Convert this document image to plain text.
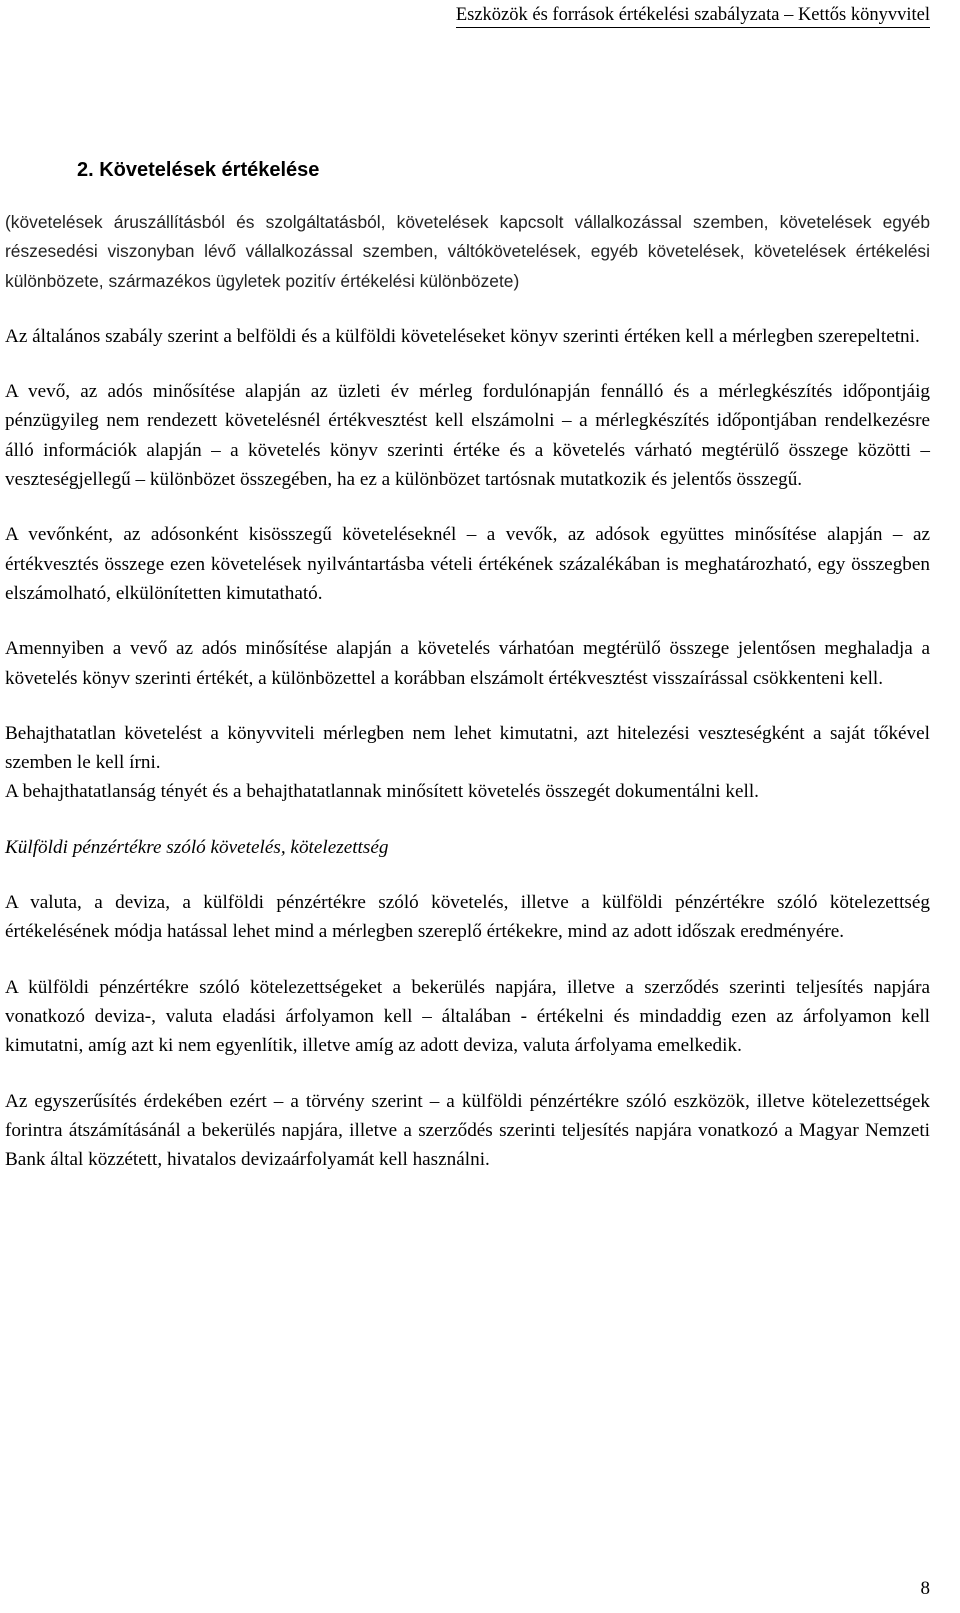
Eszközök és források értékelési szabályzata – Kettős könyvvitel
2. Követelések értékelése

(követelések áruszállításból és szolgáltatásból, követelések kapcsolt vállalkozással szemben, követelések egyéb részesedési viszonyban lévő vállalkozással szemben, váltókövetelések, egyéb követelések, követelések értékelési különbözete, származékos ügyletek pozitív értékelési különbözete)

Az általános szabály szerint a belföldi és a külföldi követeléseket könyv szerinti értéken kell a mérlegben szerepeltetni.

A vevő, az adós minősítése alapján az üzleti év mérleg fordulónapján fennálló és a mérlegkészítés időpontjáig pénzügyileg nem rendezett követelésnél értékvesztést kell elszámolni – a mérlegkészítés időpontjában rendelkezésre álló információk alapján – a követelés könyv szerinti értéke és a követelés várható megtérülő összege közötti – veszteségjellegű – különbözet összegében, ha ez a különbözet tartósnak mutatkozik és jelentős összegű.

A vevőnként, az adósonként kisösszegű követeléseknél – a vevők, az adósok együttes minősítése alapján – az értékvesztés összege ezen követelések nyilvántartásba vételi értékének százalékában is meghatározható, egy összegben elszámolható, elkülönítetten kimutatható.

Amennyiben a vevő az adós minősítése alapján a követelés várhatóan megtérülő összege jelentősen meghaladja a követelés könyv szerinti értékét, a különbözettel a korábban elszámolt értékvesztést visszaírással csökkenteni kell.

Behajthatatlan követelést a könyvviteli mérlegben nem lehet kimutatni, azt hitelezési veszteségként a saját tőkével szemben le kell írni.

A behajthatatlanság tényét és a behajthatatlannak minősített követelés összegét dokumentálni kell.

Külföldi pénzértékre szóló követelés, kötelezettség

A valuta, a deviza, a külföldi pénzértékre szóló követelés, illetve a külföldi pénzértékre szóló kötelezettség értékelésének módja hatással lehet mind a mérlegben szereplő értékekre, mind az adott időszak eredményére.

A külföldi pénzértékre szóló kötelezettségeket a bekerülés napjára, illetve a szerződés szerinti teljesítés napjára vonatkozó deviza-, valuta eladási árfolyamon kell – általában - értékelni és mindaddig ezen az árfolyamon kell kimutatni, amíg azt ki nem egyenlítik, illetve amíg az adott deviza, valuta árfolyama emelkedik.

Az egyszerűsítés érdekében ezért – a törvény szerint – a külföldi pénzértékre szóló eszközök, illetve kötelezettségek forintra átszámításánál a bekerülés napjára, illetve a szerződés szerinti teljesítés napjára vonatkozó a Magyar Nemzeti Bank által közzétett, hivatalos devizaárfolyamát kell használni.

8
